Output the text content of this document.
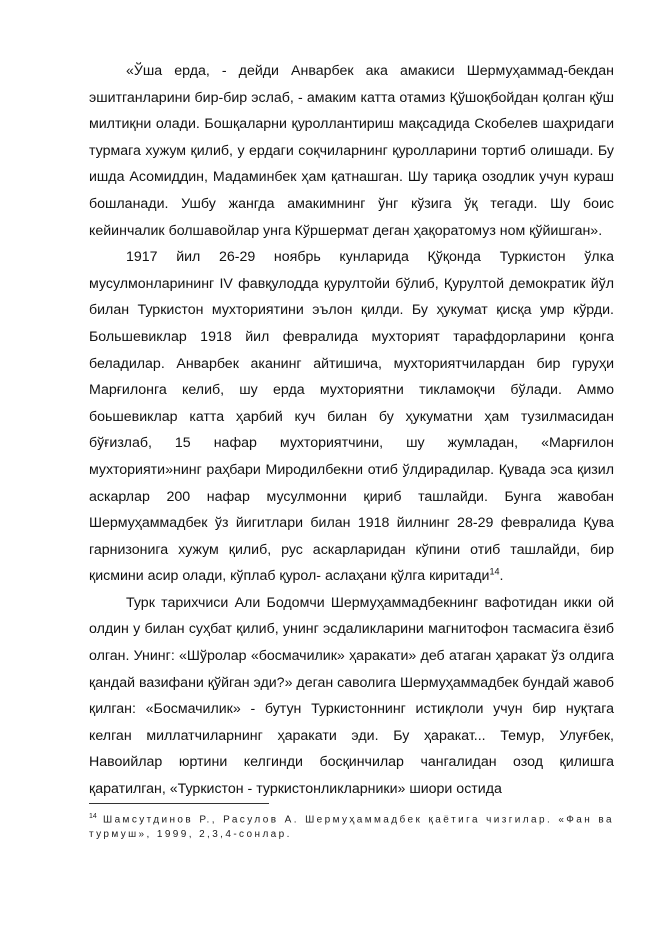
«Ўша ерда, - дейди Анварбек ака амакиси Шермуҳаммад-бекдан эшитганларини бир-бир эслаб, - амаким катта отамиз Қўшоқбойдан қолган қўш милтиқни олади. Бошқаларни қуроллантириш мақсадида Скобелев шаҳридаги турмага хужум қилиб, у ердаги соқчиларнинг қуролларини тортиб олишади. Бу ишда Асомиддин, Мадаминбек ҳам қатнашган. Шу тариқа озодлик учун кураш бошланади. Ушбу жангда амакимнинг ўнг кўзига ўқ тегади. Шу боис кейинчалик болшавойлар унга Кўршермат деган ҳақоратомуз ном қўйишган».

1917 йил 26-29 ноябрь кунларида Қўқонда Туркистон ўлка мусулмонларининг IV фавқулодда қурултойи бўлиб, Қурултой демократик йўл билан Туркистон мухториятини эълон қилди. Бу ҳукумат қисқа умр кўрди. Большевиклар 1918 йил февралида мухторият тарафдорларини қонга беладилар. Анварбек аканинг айтишича, мухториятчилардан бир гуруҳи Марғилонга келиб, шу ерда мухториятни тикламоқчи бўлади. Аммо боьшевиклар катта ҳарбий куч билан бу ҳукуматни ҳам тузилмасидан бўғизлаб, 15 нафар мухториятчини, шу жумладан, «Марғилон мухторияти»нинг раҳбари Миродилбекни отиб ўлдирадилар. Қувада эса қизил аскарлар 200 нафар мусулмонни қириб ташлайди. Бунга жавобан Шермуҳаммадбек ўз йигитлари билан 1918 йилнинг 28-29 февралида Қува гарнизонига хужум қилиб, рус аскарларидан кўпини отиб ташлайди, бир қисмини асир олади, кўплаб қурол- аслаҳани қўлга киритади$^{14}$.

Турк тарихчиси Али Бодомчи Шермуҳаммадбекнинг вафотидан икки ой олдин у билан суҳбат қилиб, унинг эсдаликларини магнитофон тасмасига ёзиб олган. Унинг: «Шўролар «босмачилик» ҳаракати» деб атаган ҳаракат ўз олдига қандай вазифани қўйган эди?» деган саволига Шермуҳаммадбек бундай жавоб қилган: «Босмачилик» - бутун Туркистоннинг истиқлоли учун бир нуқтага келган миллатчиларнинг ҳаракати эди. Бу ҳаракат... Темур, Улуғбек, Навоийлар юртини келгинди босқинчилар чангалидан озод қилишга қаратилган, «Туркистон - туркистонликларники» шиори остида

$^{14}$ Шамсутдинов Р., Расулов А. Шермуҳаммадбек қаётига чизгилар. «Фан ва турмуш», 1999, 2,3,4-сонлар.
